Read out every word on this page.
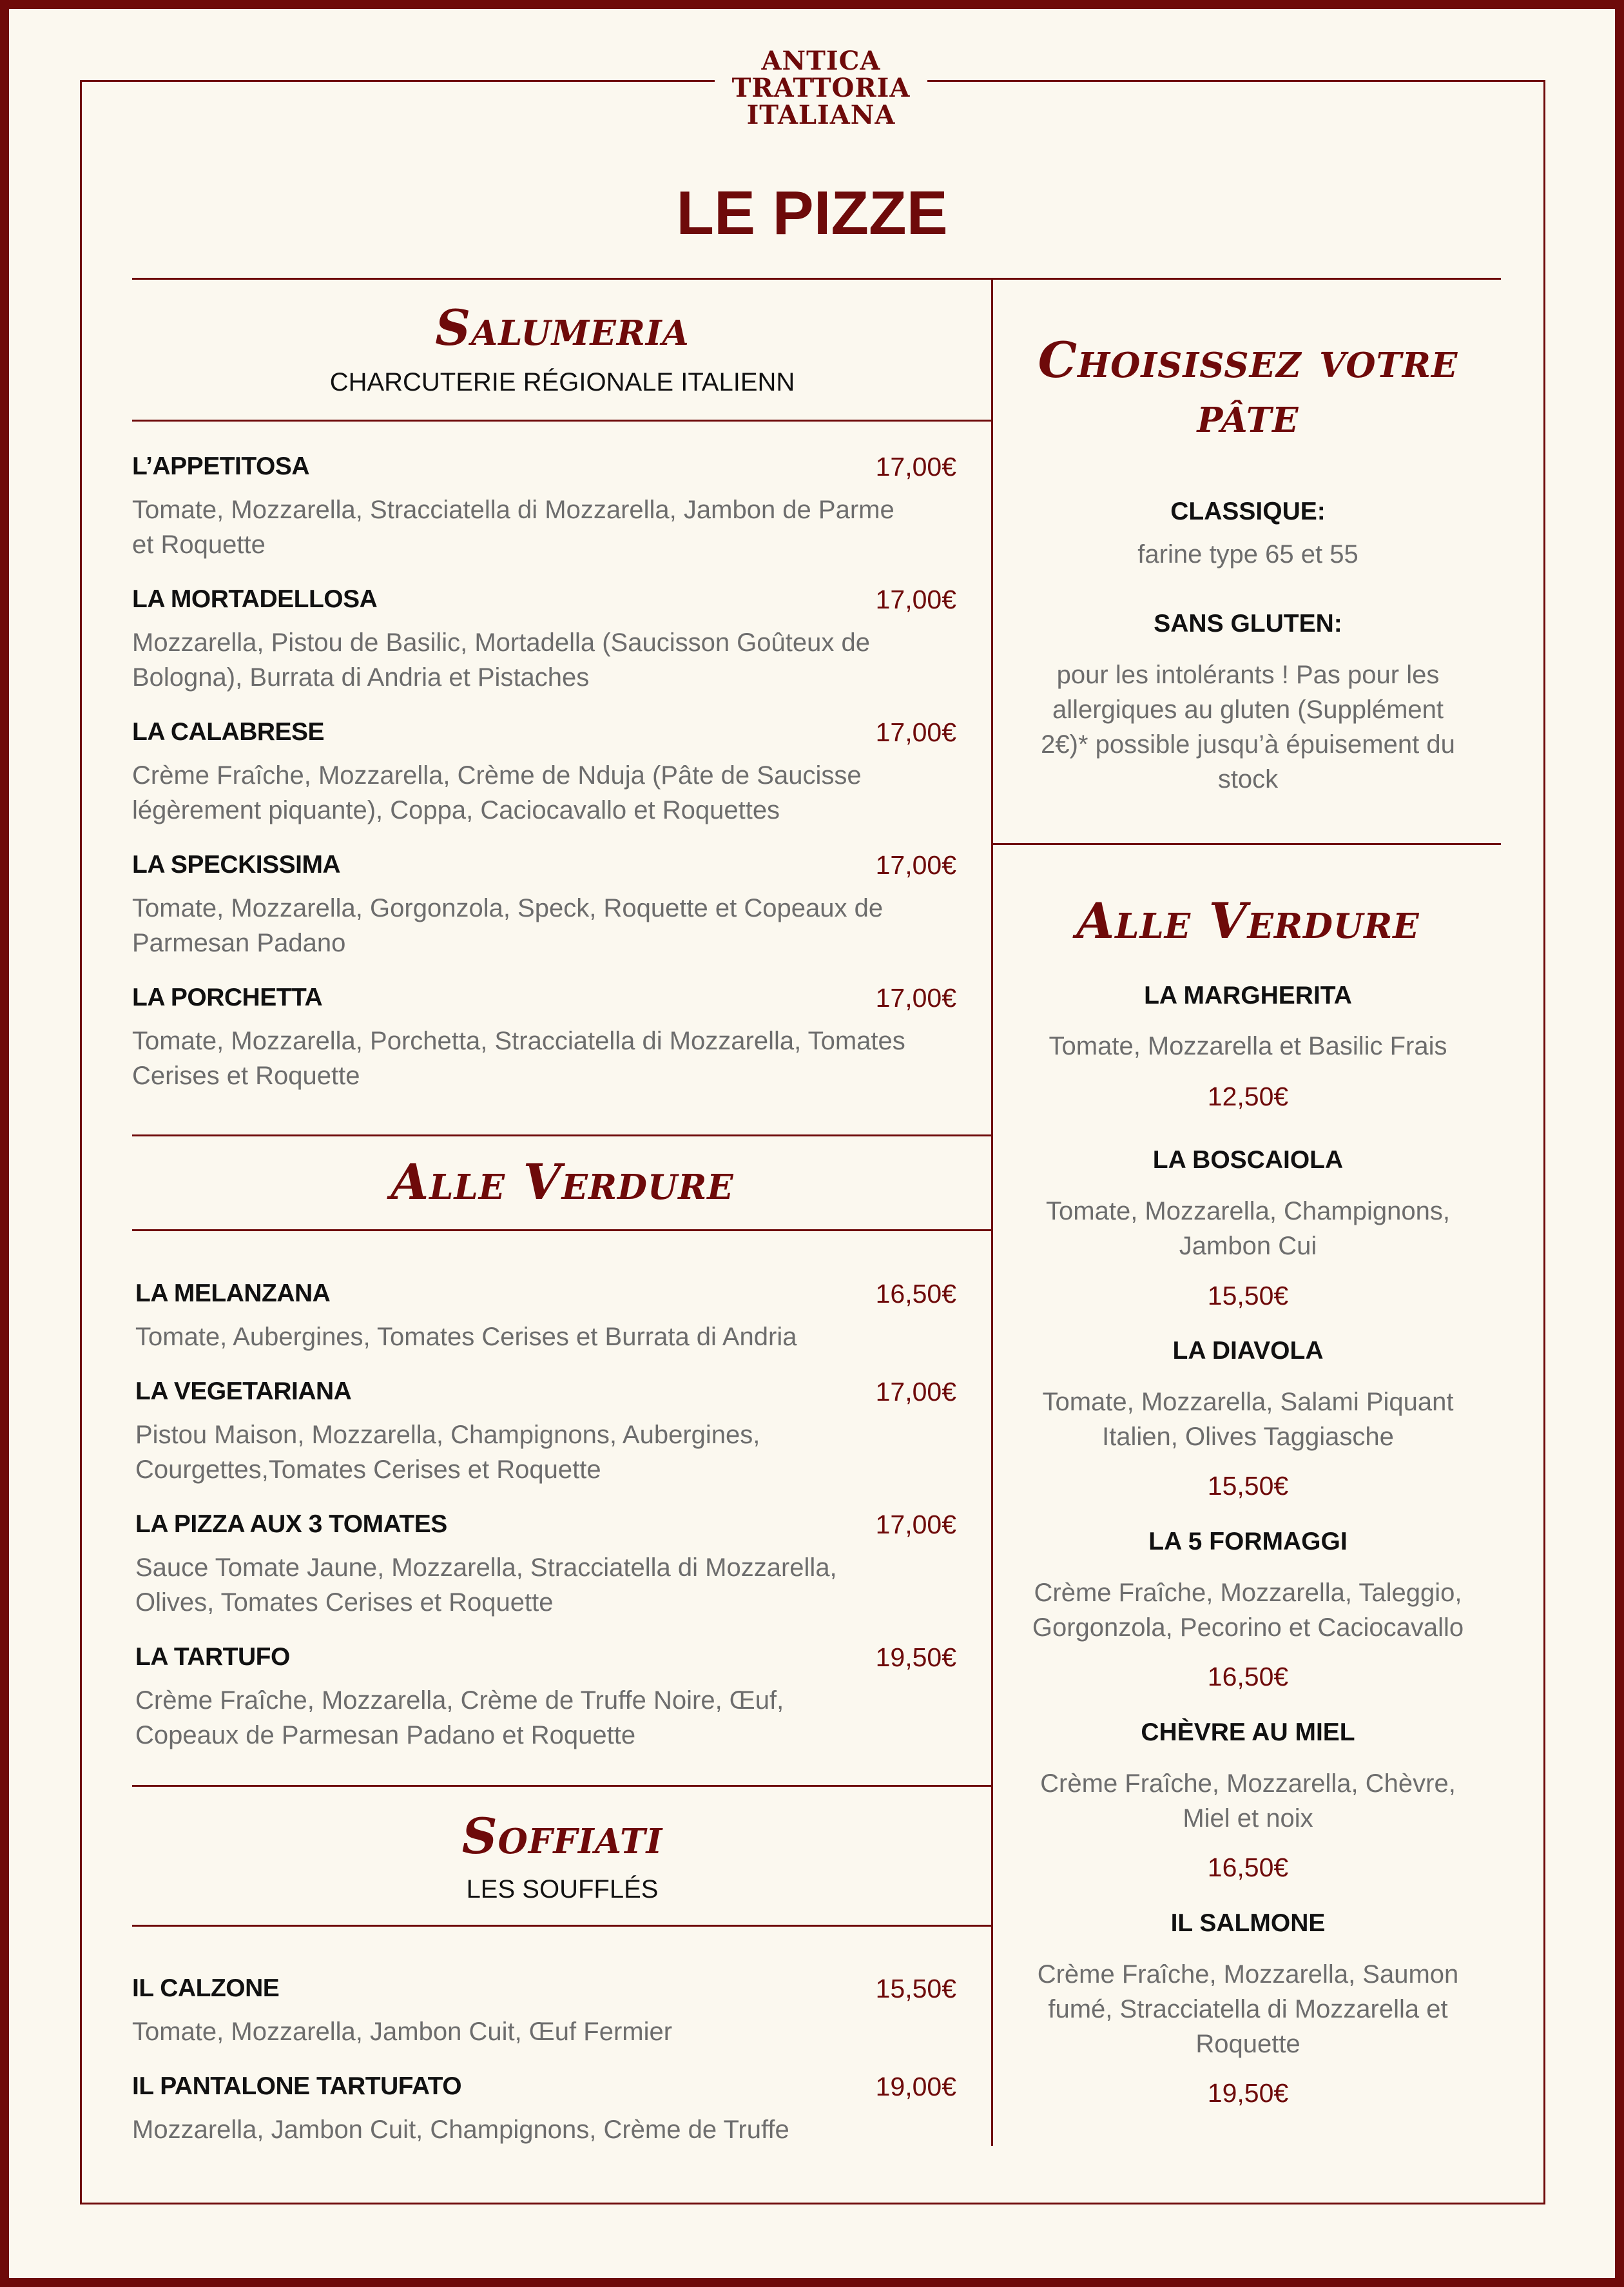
ANTICA
TRATTORIA
ITALIANA
LE PIZZE
Salumeria
CHARCUTERIE RÉGIONALE ITALIENN
L’APPETITOSA	17,00€
Tomate, Mozzarella, Stracciatella di Mozzarella, Jambon de Parme
et Roquette
LA MORTADELLOSA	17,00€
Mozzarella, Pistou de Basilic, Mortadella (Saucisson Goûteux de
Bologna), Burrata di Andria et Pistaches
LA CALABRESE	17,00€
Crème Fraîche, Mozzarella, Crème de Nduja (Pâte de Saucisse
légèrement piquante), Coppa, Caciocavallo et Roquettes
LA SPECKISSIMA	17,00€
Tomate, Mozzarella, Gorgonzola, Speck, Roquette et Copeaux de
Parmesan Padano
LA PORCHETTA	17,00€
Tomate, Mozzarella, Porchetta, Stracciatella di Mozzarella, Tomates
Cerises et Roquette
Alle Verdure
LA MELANZANA	16,50€
Tomate, Aubergines, Tomates Cerises et Burrata di Andria
LA VEGETARIANA	17,00€
Pistou Maison, Mozzarella, Champignons, Aubergines,
Courgettes,Tomates Cerises et Roquette
LA PIZZA AUX 3 TOMATES	17,00€
Sauce Tomate Jaune, Mozzarella, Stracciatella di Mozzarella,
Olives, Tomates Cerises et Roquette
LA TARTUFO	19,50€
Crème Fraîche, Mozzarella, Crème de Truffe Noire, Œuf,
Copeaux de Parmesan Padano et Roquette
Soffiati
LES SOUFFLÉS
IL CALZONE	15,50€
Tomate, Mozzarella, Jambon Cuit, Œuf Fermier
IL PANTALONE TARTUFATO	19,00€
Mozzarella, Jambon Cuit, Champignons, Crème de Truffe
Choisissez votre
pâte
CLASSIQUE:
farine type 65 et 55
SANS GLUTEN:
pour les intolérants ! Pas pour les
allergiques au gluten (Supplément
2€)* possible jusqu’à épuisement du
stock
Alle Verdure
LA MARGHERITA
Tomate, Mozzarella et Basilic Frais
12,50€
LA BOSCAIOLA
Tomate, Mozzarella, Champignons,
Jambon Cui
15,50€
LA DIAVOLA
Tomate, Mozzarella, Salami Piquant
Italien, Olives Taggiasche
15,50€
LA 5 FORMAGGI
Crème Fraîche, Mozzarella, Taleggio,
Gorgonzola, Pecorino et Caciocavallo
16,50€
CHÈVRE AU MIEL
Crème Fraîche, Mozzarella, Chèvre,
Miel et noix
16,50€
IL SALMONE
Crème Fraîche, Mozzarella, Saumon
fumé, Stracciatella di Mozzarella et
Roquette
19,50€
